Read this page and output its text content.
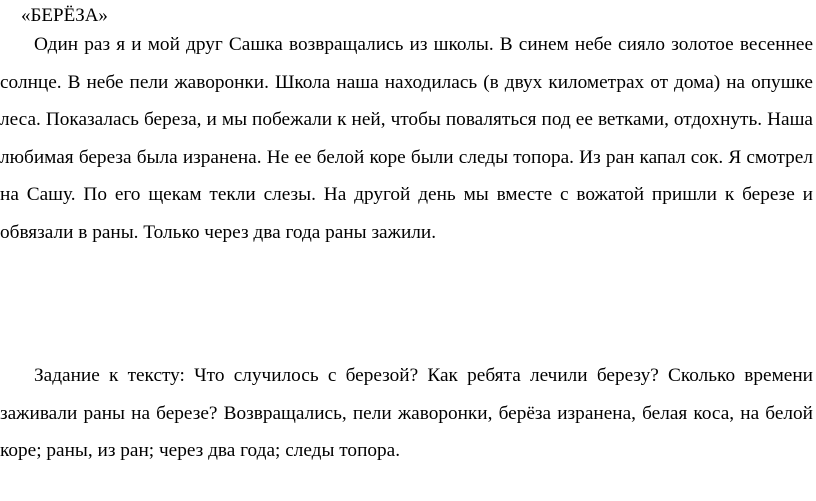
«БЕРЁЗА»

Один раз я и мой друг Сашка возвращались из школы. В синем небе сияло золотое весеннее солнце. В небе пели жаворонки. Школа наша находилась (в двух километрах от дома) на опушке леса. Показалась береза, и мы побежали к ней, чтобы поваляться под ее ветками, отдохнуть. Наша любимая береза была изранена. Не ее белой коре были следы топора. Из ран капал сок. Я смотрел на Сашу. По его щекам текли слезы. На другой день мы вместе с вожатой пришли к березе и обвязали в раны. Только через два года раны зажили.

Задание к тексту: Что случилось с березой? Как ребята лечили березу? Сколько времени заживали раны на березе? Возвращались, пели жаворонки, берёза изранена, белая коса, на белой коре; раны, из ран; через два года; следы топора.
